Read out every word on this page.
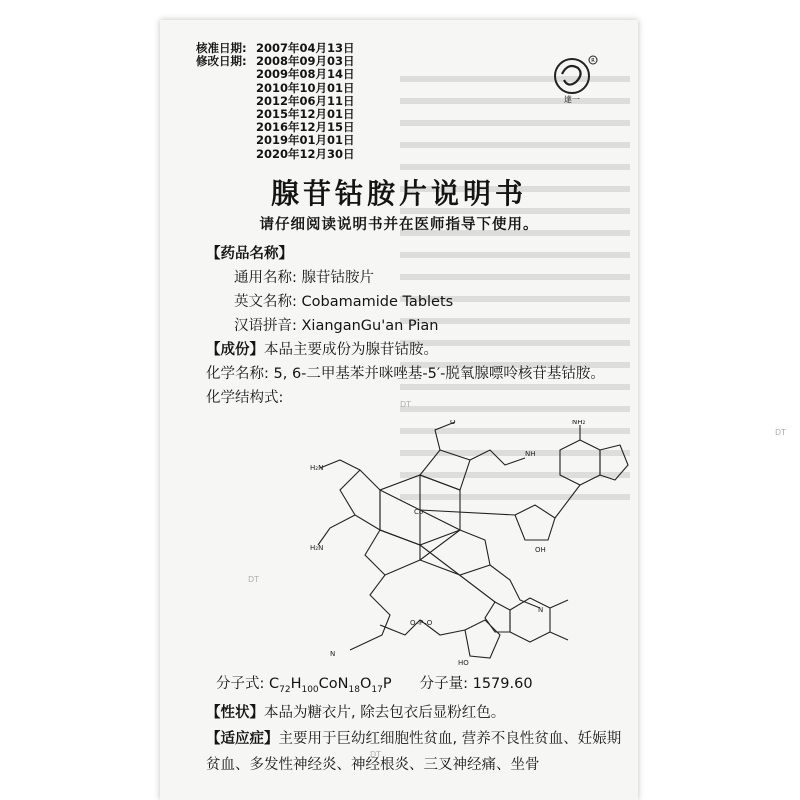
核准日期: 2007年04月13日
修改日期: 2008年09月03日
2009年08月14日
2010年10月01日
2012年06月11日
2015年12月01日
2016年12月15日
2019年01月01日
2020年12月30日
R
達一
腺苷钴胺片说明书
请仔细阅读说明书并在医师指导下使用。
【药品名称】
通用名称: 腺苷钴胺片
英文名称: Cobamamide Tablets
汉语拼音: XianganGu'an Pian
【成份】本品主要成份为腺苷钴胺。
化学名称: 5, 6-二甲基苯并咪唑基-5′-脱氧腺嘌呤核苷基钴胺。
化学结构式:
O
NH
H₂N
H₂N
N
N
Co
NH₂
HO
OH
O–P–O
分子式: $C_{72}H_{100}CoN_{18}O_{17}P$ 分子量: 1579.60
【性状】本品为糖衣片, 除去包衣后显粉红色。
【适应症】主要用于巨幼红细胞性贫血, 营养不良性贫血、妊娠期贫血、多发性神经炎、神经根炎、三叉神经痛、坐骨
DT
DT
DT
DT
